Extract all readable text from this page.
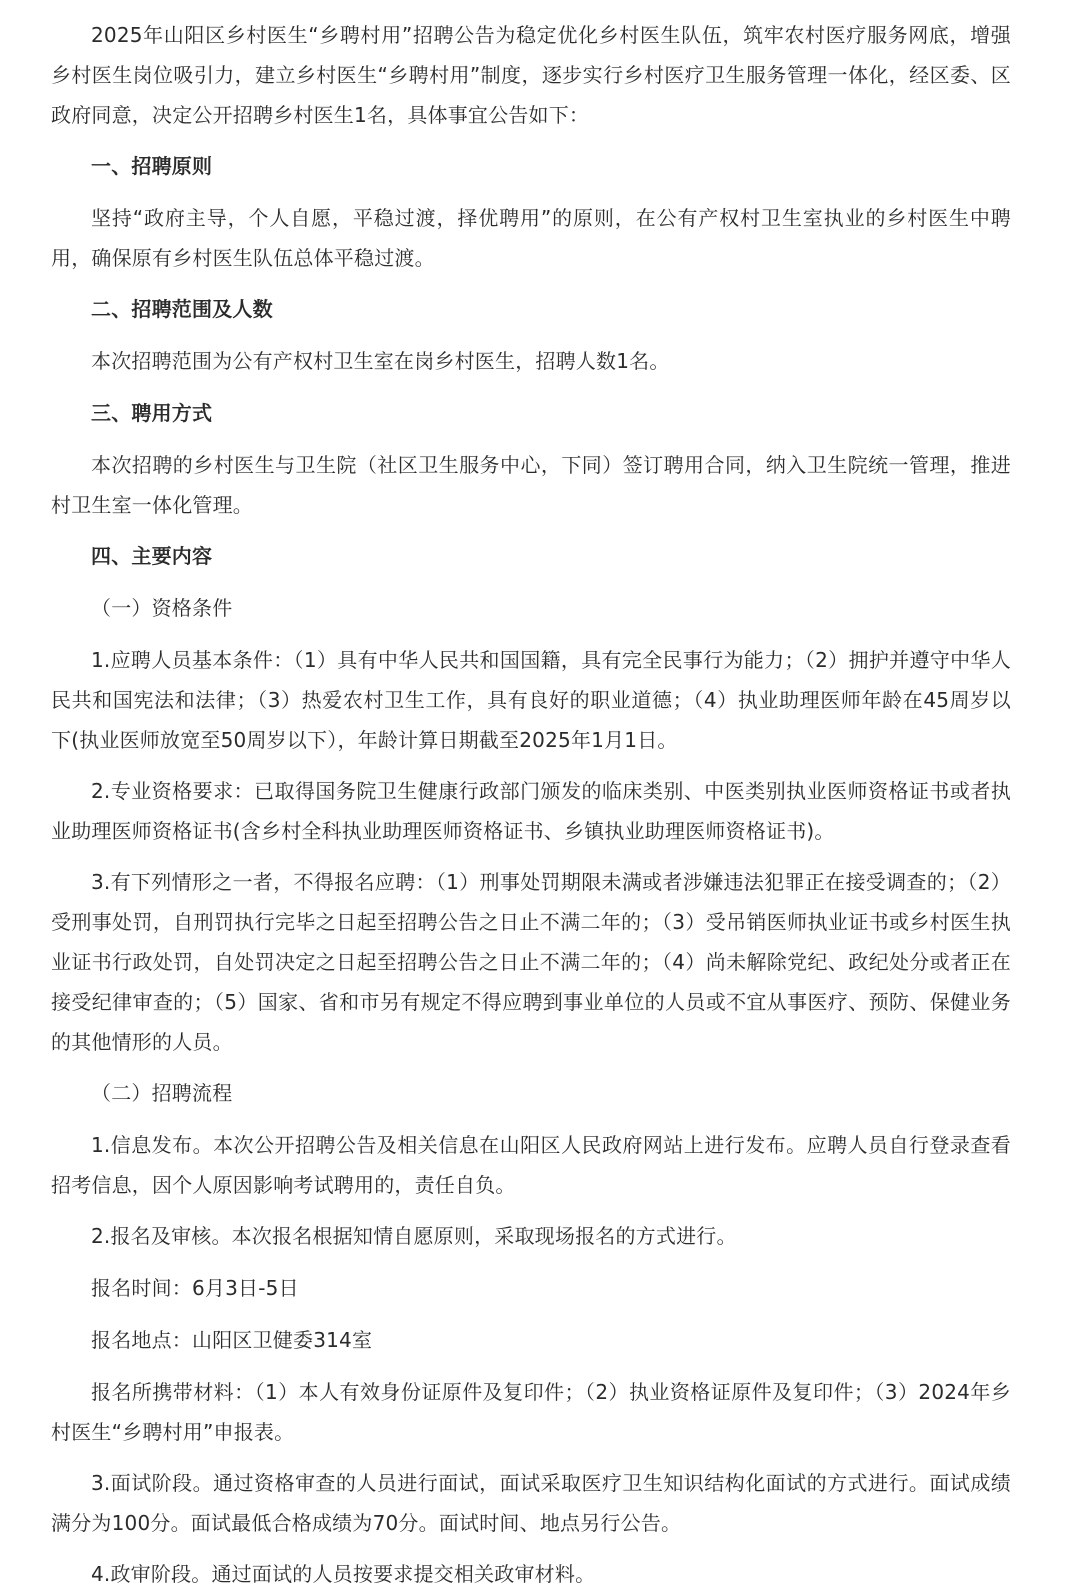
2025年山阳区乡村医生“乡聘村用”招聘公告为稳定优化乡村医生队伍，筑牢农村医疗服务网底，增强乡村医生岗位吸引力，建立乡村医生“乡聘村用”制度，逐步实行乡村医疗卫生服务管理一体化，经区委、区政府同意，决定公开招聘乡村医生1名，具体事宜公告如下：

一、招聘原则

坚持“政府主导，个人自愿，平稳过渡，择优聘用”的原则，在公有产权村卫生室执业的乡村医生中聘用，确保原有乡村医生队伍总体平稳过渡。

二、招聘范围及人数

本次招聘范围为公有产权村卫生室在岗乡村医生，招聘人数1名。

三、聘用方式

本次招聘的乡村医生与卫生院（社区卫生服务中心，下同）签订聘用合同，纳入卫生院统一管理，推进村卫生室一体化管理。

四、主要内容

（一）资格条件

1.应聘人员基本条件：（1）具有中华人民共和国国籍，具有完全民事行为能力；（2）拥护并遵守中华人民共和国宪法和法律；（3）热爱农村卫生工作，具有良好的职业道德；（4）执业助理医师年龄在45周岁以下(执业医师放宽至50周岁以下），年龄计算日期截至2025年1月1日。

2.专业资格要求：已取得国务院卫生健康行政部门颁发的临床类别、中医类别执业医师资格证书或者执业助理医师资格证书(含乡村全科执业助理医师资格证书、乡镇执业助理医师资格证书)。

3.有下列情形之一者，不得报名应聘：（1）刑事处罚期限未满或者涉嫌违法犯罪正在接受调查的；（2）受刑事处罚，自刑罚执行完毕之日起至招聘公告之日止不满二年的；（3）受吊销医师执业证书或乡村医生执业证书行政处罚，自处罚决定之日起至招聘公告之日止不满二年的；（4）尚未解除党纪、政纪处分或者正在接受纪律审查的；（5）国家、省和市另有规定不得应聘到事业单位的人员或不宜从事医疗、预防、保健业务的其他情形的人员。

（二）招聘流程

1.信息发布。本次公开招聘公告及相关信息在山阳区人民政府网站上进行发布。应聘人员自行登录查看招考信息，因个人原因影响考试聘用的，责任自负。

2.报名及审核。本次报名根据知情自愿原则，采取现场报名的方式进行。

报名时间：6月3日-5日

报名地点：山阳区卫健委314室

报名所携带材料：（1）本人有效身份证原件及复印件；（2）执业资格证原件及复印件；（3）2024年乡村医生“乡聘村用”申报表。

3.面试阶段。通过资格审查的人员进行面试，面试采取医疗卫生知识结构化面试的方式进行。面试成绩满分为100分。面试最低合格成绩为70分。面试时间、地点另行公告。

4.政审阶段。通过面试的人员按要求提交相关政审材料。
